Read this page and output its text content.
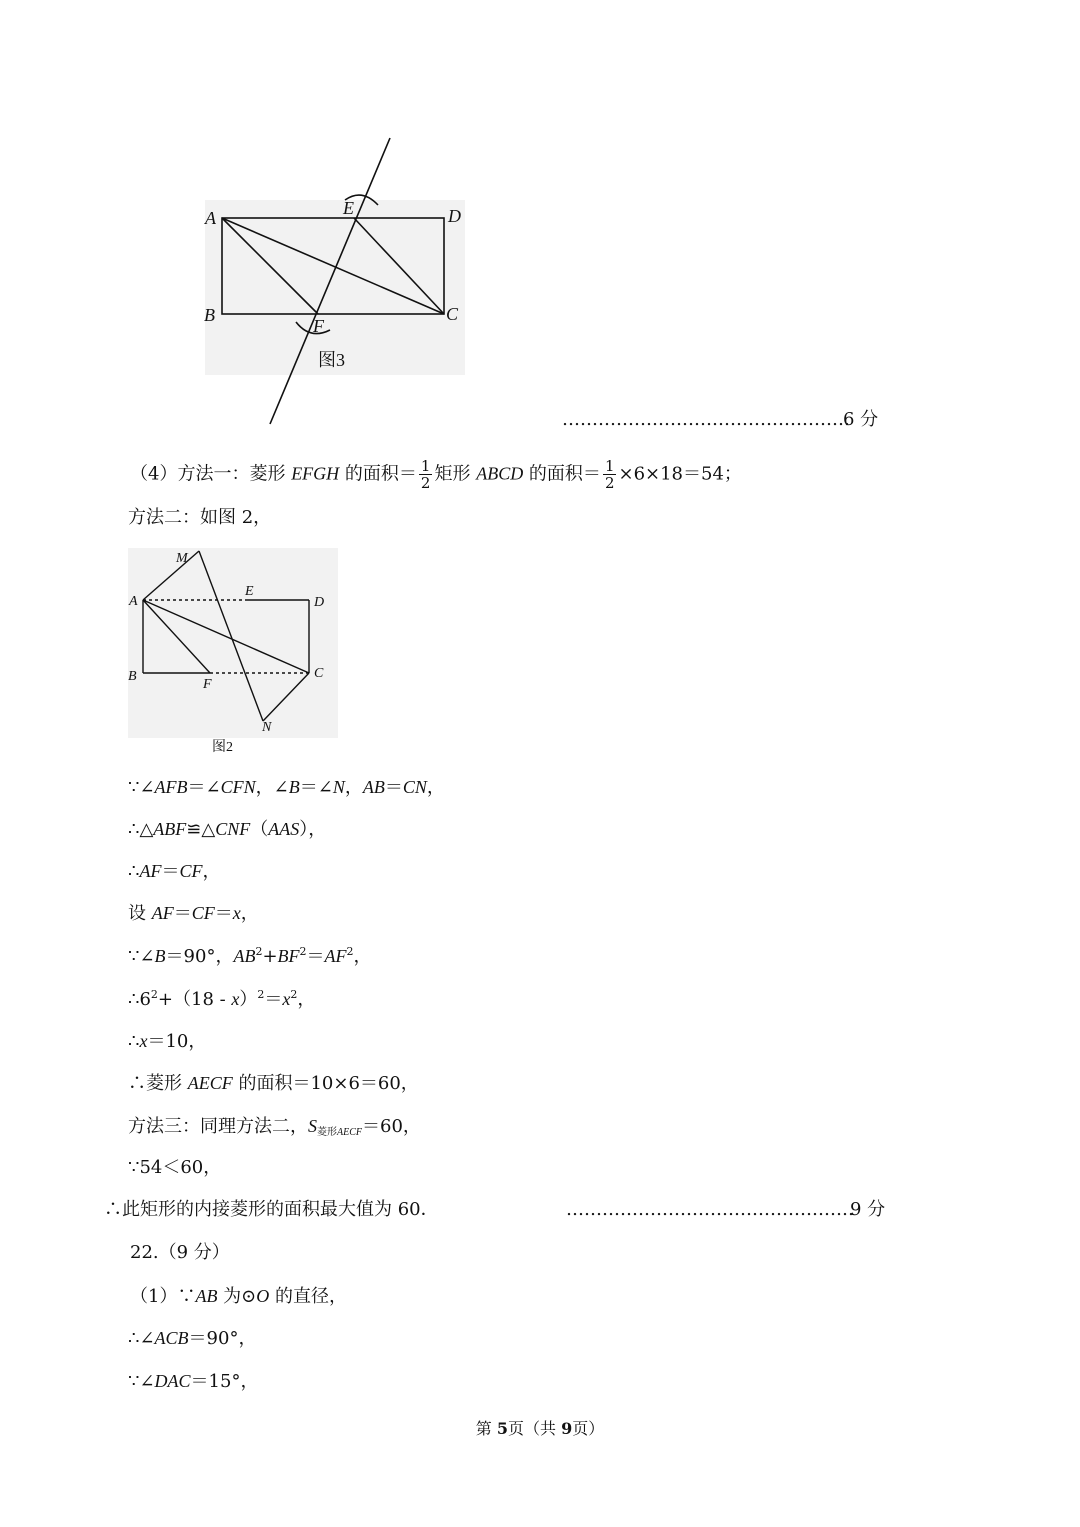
A
B	C
D
E
F
图3
…………………………………………
6 分
（4）方法一：菱形 EFGH 的面积＝ $\frac{1}{2}$ 矩形 ABCD 的面积＝ $\frac{1}{2} \times 6\times 18=54$；
方法二：如图 2，
M
E
A	D
B
F
C
N
图2
∵∠AFB＝∠CFN，∠B＝∠N，AB＝CN，
∴△ABF≌△CNF（AAS），
∴AF＝CF，
设 AF＝CF＝x，
∵∠B＝90°，$AB^2+BF^2=AF^2$，
$\therefore 6^2+(18 - x)^2=x^2$，
∴x＝10，
∴菱形 AECF 的面积＝10×6＝60，
方法三：同理方法二，S菱形AECF＝60，
∵54＜60，
∴此矩形的内接菱形的面积最大值为 60．	…………………………………………
9 分
22.（9 分）
（1）∵AB 为⊙O 的直径，
∴∠ACB＝90°，
∵∠DAC＝15°，
第 5页（共 9页）
